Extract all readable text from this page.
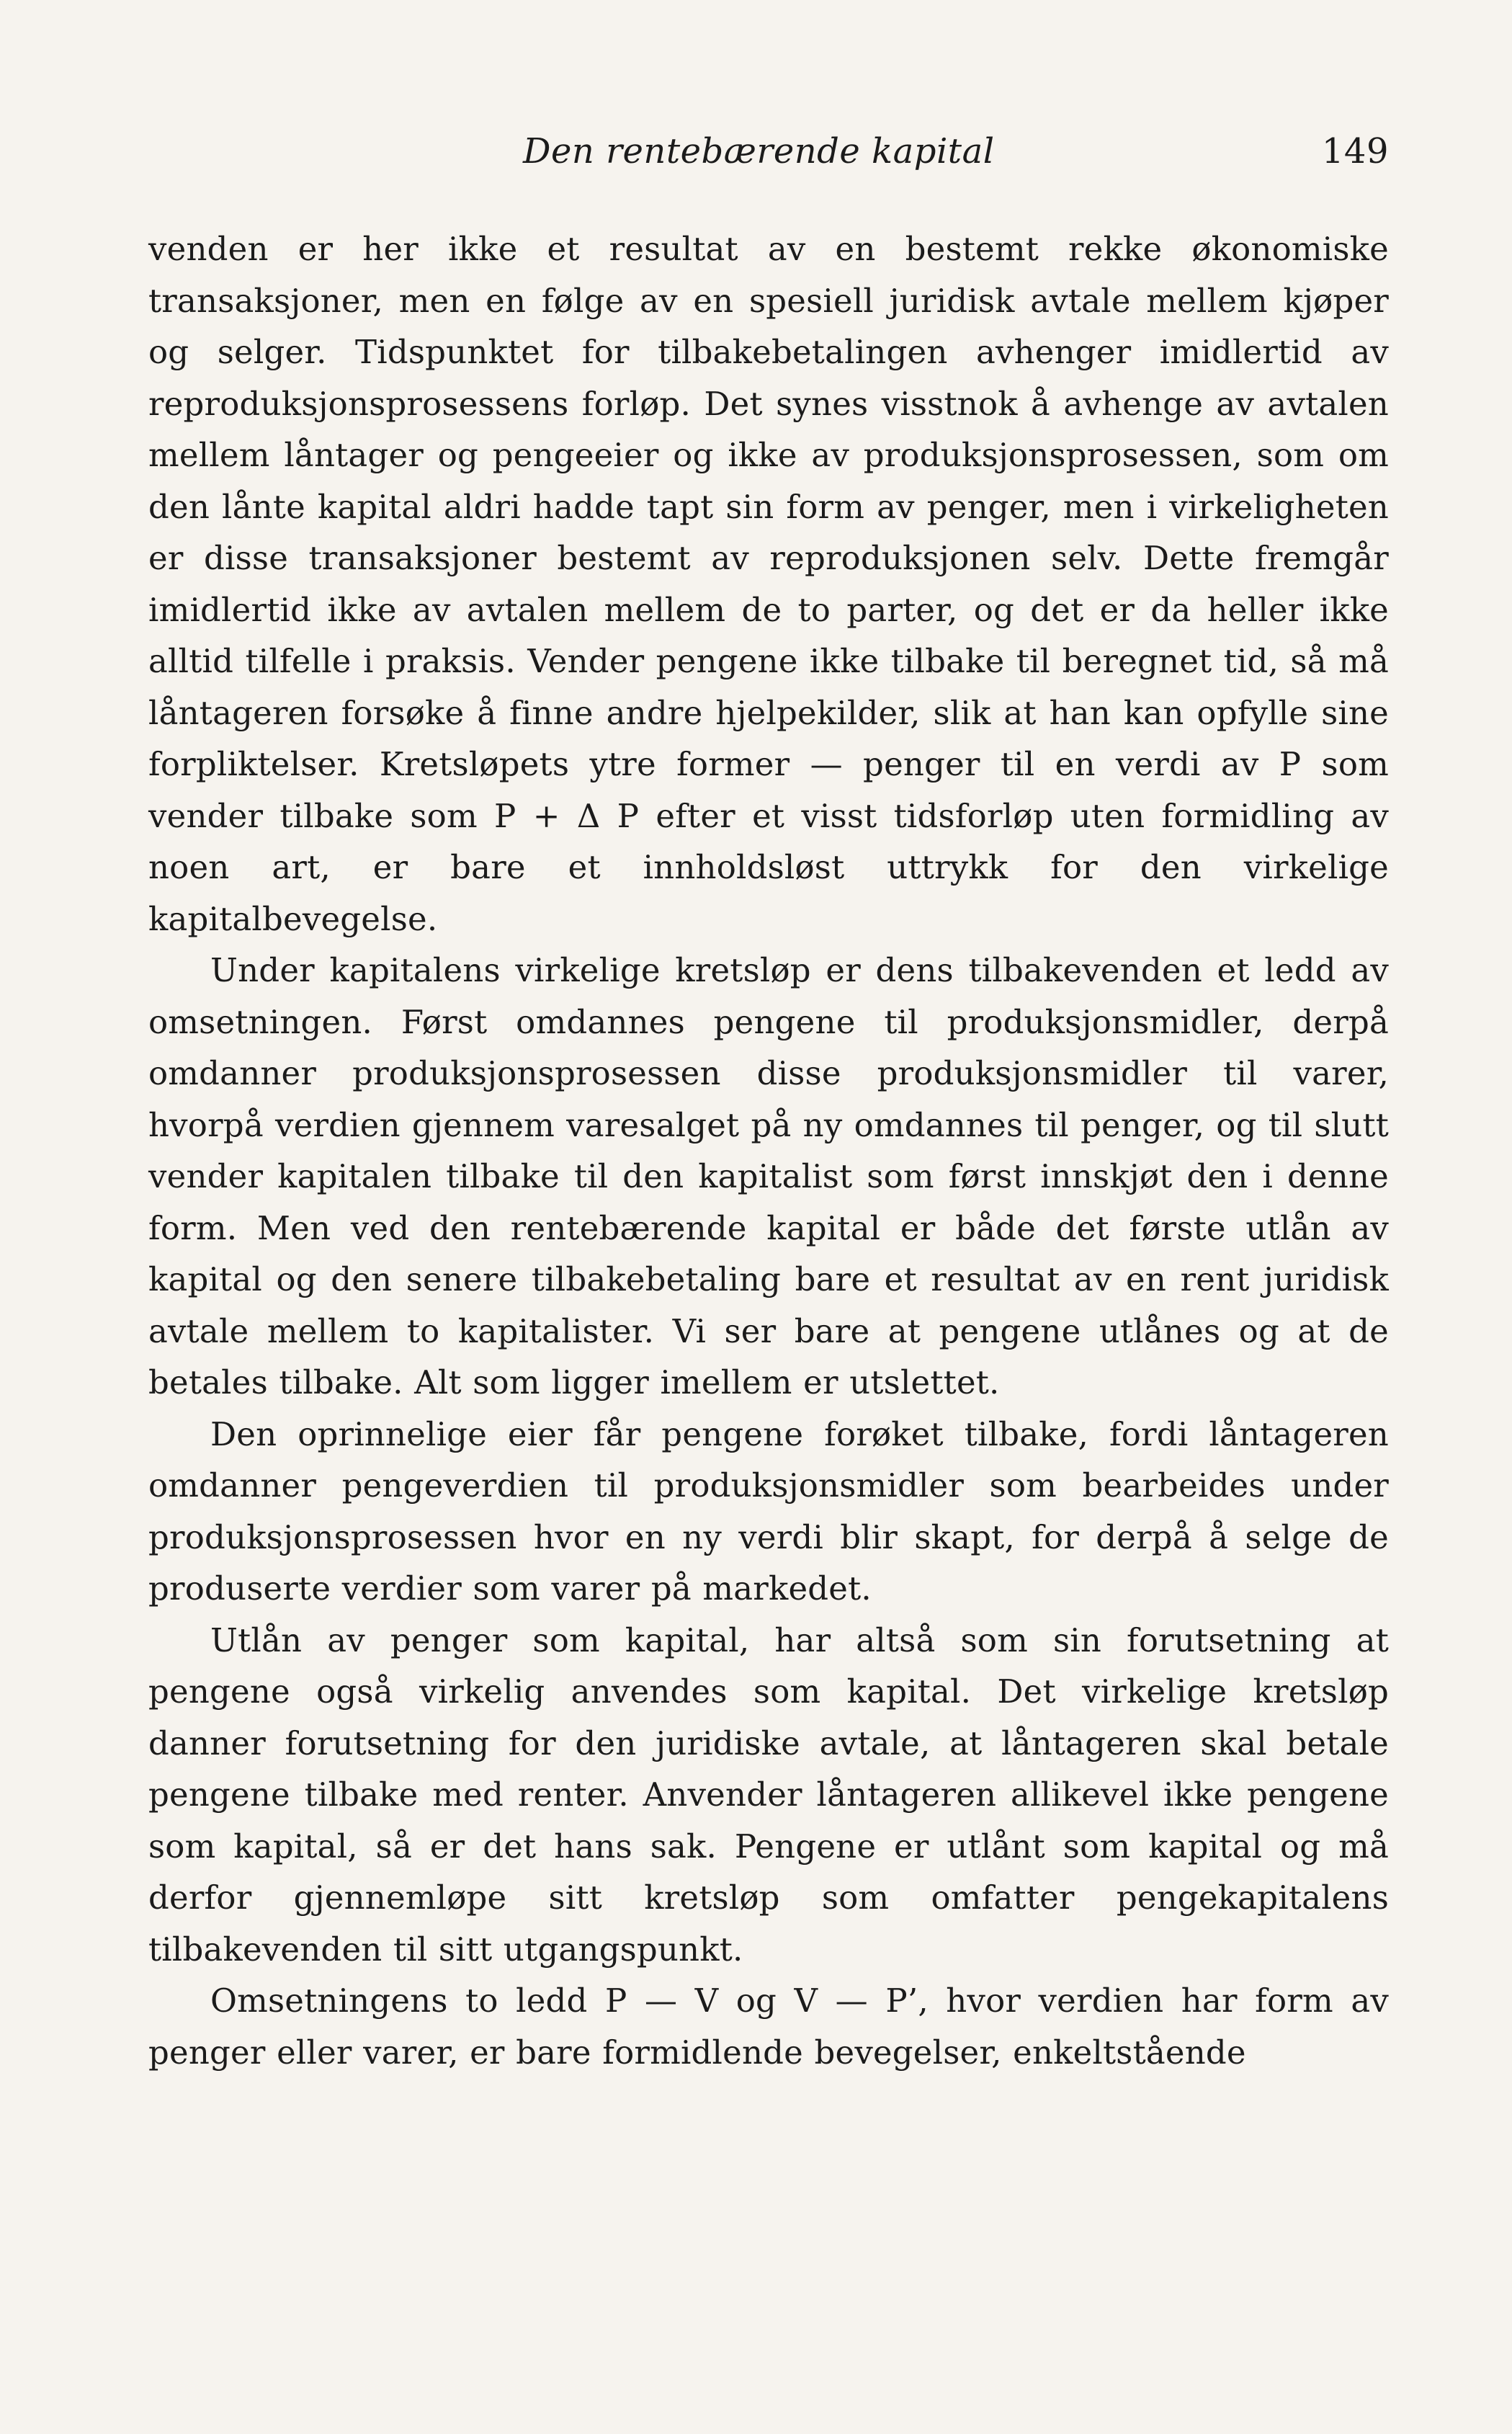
Den rentebærende kapital	149

venden er her ikke et resultat av en bestemt rekke økonomiske transaksjoner, men en følge av en spesiell juridisk avtale mellem kjøper og selger. Tidspunktet for tilbakebetalingen avhenger imidlertid av reproduksjonsprosessens forløp. Det synes visstnok å avhenge av avtalen mellem låntager og pengeeier og ikke av produksjonsprosessen, som om den lånte kapital aldri hadde tapt sin form av penger, men i virkeligheten er disse transaksjoner bestemt av reproduksjonen selv. Dette fremgår imidlertid ikke av avtalen mellem de to parter, og det er da heller ikke alltid tilfelle i praksis. Vender pengene ikke tilbake til beregnet tid, så må låntageren forsøke å finne andre hjelpekilder, slik at han kan opfylle sine forpliktelser. Kretsløpets ytre former — penger til en verdi av P som vender tilbake som P + Δ P efter et visst tidsforløp uten formidling av noen art, er bare et innholdsløst uttrykk for den virkelige kapitalbevegelse.

Under kapitalens virkelige kretsløp er dens tilbakevenden et ledd av omsetningen. Først omdannes pengene til produksjonsmidler, derpå omdanner produksjonsprosessen disse produksjonsmidler til varer, hvorpå verdien gjennem varesalget på ny omdannes til penger, og til slutt vender kapitalen tilbake til den kapitalist som først innskjøt den i denne form. Men ved den rentebærende kapital er både det første utlån av kapital og den senere tilbakebetaling bare et resultat av en rent juridisk avtale mellem to kapitalister. Vi ser bare at pengene utlånes og at de betales tilbake. Alt som ligger imellem er utslettet.

Den oprinnelige eier får pengene forøket tilbake, fordi låntageren omdanner pengeverdien til produksjonsmidler som bearbeides under produksjonsprosessen hvor en ny verdi blir skapt, for derpå å selge de produserte verdier som varer på markedet.

Utlån av penger som kapital, har altså som sin forutsetning at pengene også virkelig anvendes som kapital. Det virkelige kretsløp danner forutsetning for den juridiske avtale, at låntageren skal betale pengene tilbake med renter. Anvender låntageren allikevel ikke pengene som kapital, så er det hans sak. Pengene er utlånt som kapital og må derfor gjennemløpe sitt kretsløp som omfatter pengekapitalens tilbakevenden til sitt utgangspunkt.

Omsetningens to ledd P — V og V — P’, hvor verdien har form av penger eller varer, er bare formidlende bevegelser, enkeltstående
